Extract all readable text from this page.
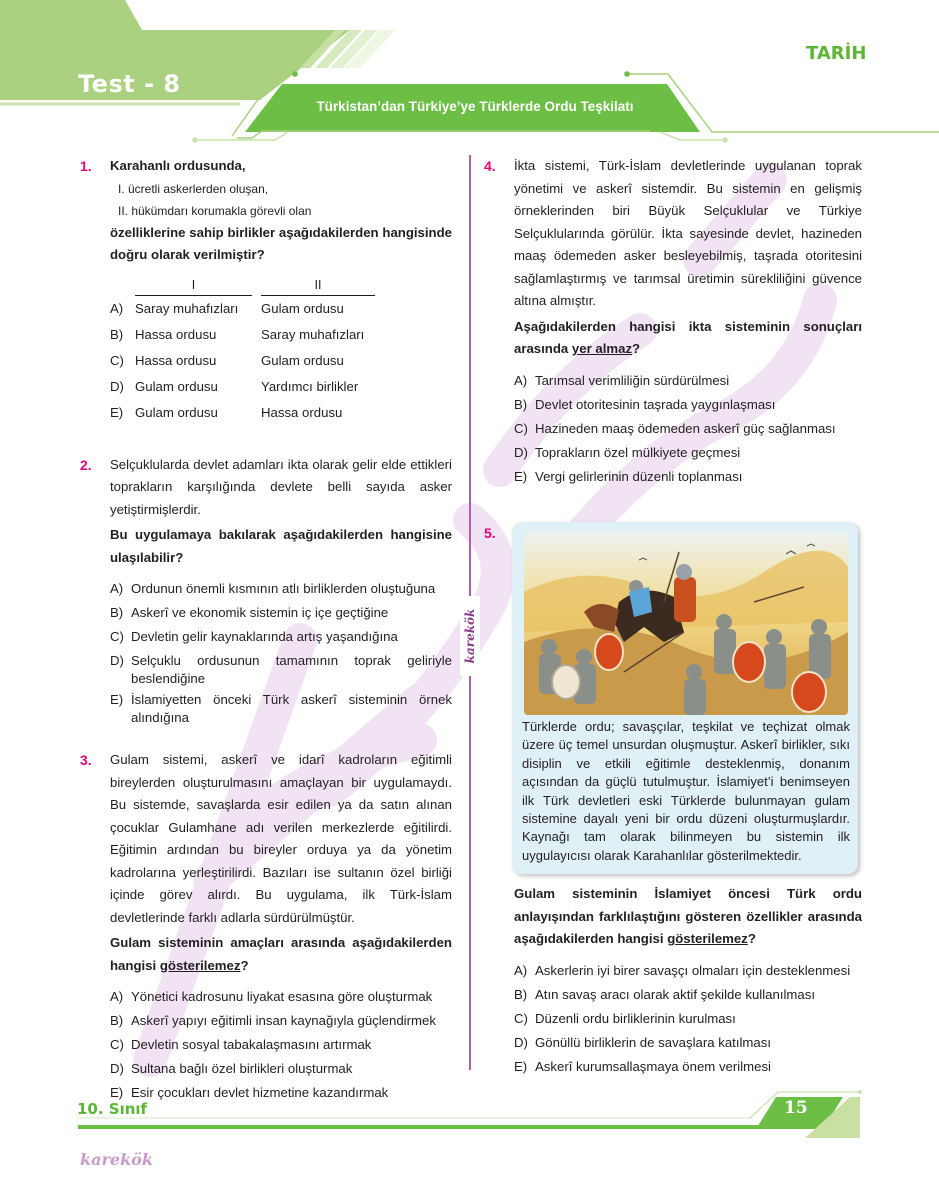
Test - 8
TARİH
Türkistan’dan Türkiye’ye Türklerde Ordu Teşkilatı
karekök
1. Karahanlı ordusunda,
I. ücretli askerlerden oluşan,
II. hükümdarı korumakla görevli olan
özelliklerine sahip birlikler aşağıdakilerden hangisinde doğru olarak verilmiştir?
I	II
A) Saray muhafızları	Gulam ordusu
B) Hassa ordusu	Saray muhafızları
C) Hassa ordusu	Gulam ordusu
D) Gulam ordusu	Yardımcı birlikler
E) Gulam ordusu	Hassa ordusu
2. Selçuklularda devlet adamları ikta olarak gelir elde ettikleri toprakların karşılığında devlete belli sayıda asker yetiştirmişlerdir.
Bu uygulamaya bakılarak aşağıdakilerden hangisine ulaşılabilir?
A) Ordunun önemli kısmının atlı birliklerden oluştuğuna
B) Askerî ve ekonomik sistemin iç içe geçtiğine
C) Devletin gelir kaynaklarında artış yaşandığına
D) Selçuklu ordusunun tamamının toprak geliriyle beslendiğine
E) İslamiyetten önceki Türk askerî sisteminin örnek alındığına
3. Gulam sistemi, askerî ve idarî kadroların eğitimli bireylerden oluşturulmasını amaçlayan bir uygulamaydı. Bu sistemde, savaşlarda esir edilen ya da satın alınan çocuklar Gulamhane adı verilen merkezlerde eğitilirdi. Eğitimin ardından bu bireyler orduya ya da yönetim kadrolarına yerleştirilirdi. Bazıları ise sultanın özel birliği içinde görev alırdı. Bu uygulama, ilk Türk-İslam devletlerinde farklı adlarla sürdürülmüştür.
Gulam sisteminin amaçları arasında aşağıdakilerden hangisi gösterilemez?
A) Yönetici kadrosunu liyakat esasına göre oluşturmak
B) Askerî yapıyı eğitimli insan kaynağıyla güçlendirmek
C) Devletin sosyal tabakalaşmasını artırmak
D) Sultana bağlı özel birlikleri oluşturmak
E) Esir çocukları devlet hizmetine kazandırmak
karekök
4. İkta sistemi, Türk-İslam devletlerinde uygulanan toprak yönetimi ve askerî sistemdir. Bu sistemin en gelişmiş örneklerinden biri Büyük Selçuklular ve Türkiye Selçuklularında görülür. İkta sayesinde devlet, hazineden maaş ödemeden asker besleyebilmiş, taşrada otoritesini sağlamlaştırmış ve tarımsal üretimin sürekliliğini güvence altına almıştır.
Aşağıdakilerden hangisi ikta sisteminin sonuçları arasında yer almaz?
A) Tarımsal verimliliğin sürdürülmesi
B) Devlet otoritesinin taşrada yaygınlaşması
C) Hazineden maaş ödemeden askerî güç sağlanması
D) Toprakların özel mülkiyete geçmesi
E) Vergi gelirlerinin düzenli toplanması
5.
Türklerde ordu; savaşçılar, teşkilat ve teçhizat olmak üzere üç temel unsurdan oluşmuştur. Askerî birlikler, sıkı disiplin ve etkili eğitimle desteklenmiş, donanım açısından da güçlü tutulmuştur. İslamiyet’i benimseyen ilk Türk devletleri eski Türklerde bulunmayan gulam sistemine dayalı yeni bir ordu düzeni oluşturmuşlardır. Kaynağı tam olarak bilinmeyen bu sistemin ilk uygulayıcısı olarak Karahanlılar gösterilmektedir.
Gulam sisteminin İslamiyet öncesi Türk ordu anlayışından farklılaştığını gösteren özellikler arasında aşağıdakilerden hangisi gösterilemez?
A) Askerlerin iyi birer savaşçı olmaları için desteklenmesi
B) Atın savaş aracı olarak aktif şekilde kullanılması
C) Düzenli ordu birliklerinin kurulması
D) Gönüllü birliklerin de savaşlara katılması
E) Askerî kurumsallaşmaya önem verilmesi
10. Sınıf	15
